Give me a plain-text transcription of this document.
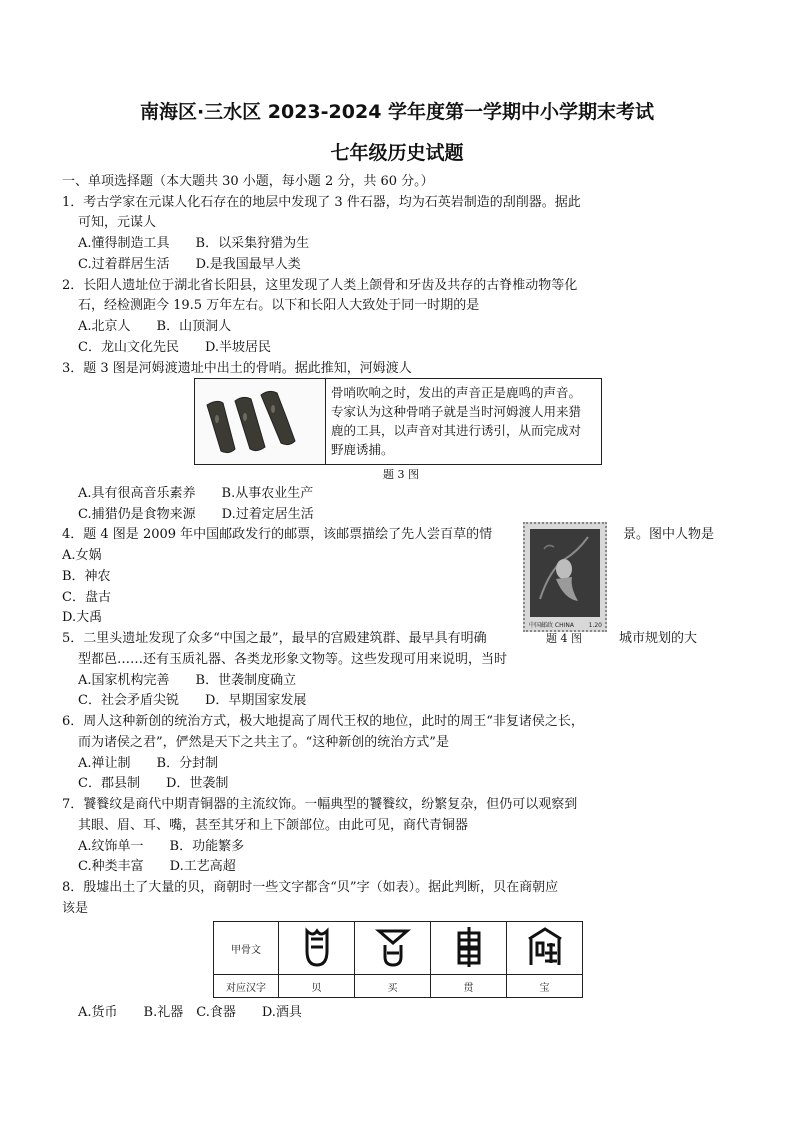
南海区·三水区 2023-2024 学年度第一学期中小学期末考试
七年级历史试题
一、单项选择题（本大题共 30 小题，每小题 2 分，共 60 分。）
1．考古学家在元谋人化石存在的地层中发现了 3 件石器，均为石英岩制造的刮削器。据此
可知，元谋人
A.懂得制造工具　　B．以采集狩猎为生
C.过着群居生活　　D.是我国最早人类
2．长阳人遗址位于湖北省长阳县，这里发现了人类上颌骨和牙齿及共存的古脊椎动物等化
石，经检测距今 19.5 万年左右。以下和长阳人大致处于同一时期的是
A.北京人　　B．山顶洞人
C．龙山文化先民　　D.半坡居民
3．题 3 图是河姆渡遗址中出土的骨哨。据此推知，河姆渡人
骨哨吹响之时，发出的声音正是鹿鸣的声音。专家认为这种骨哨子就是当时河姆渡人用来猎鹿的工具，以声音对其进行诱引，从而完成对野鹿诱捕。
题 3 图
A.具有很高音乐素养　　B.从事农业生产
C.捕猎仍是食物来源　　D.过着定居生活
4．题 4 图是 2009 年中国邮政发行的邮票，该邮票描绘了先人尝百草的情	景。图中人物是
A.女娲
B．神农
C．盘古
D.大禹
中国邮政 CHINA 1.20
题 4 图
5．二里头遗址发现了众多“中国之最”，最早的宫殿建筑群、最早具有明确	城市规划的大
型都邑……还有玉质礼器、各类龙形象文物等。这些发现可用来说明，当时
A.国家机构完善　　B．世袭制度确立
C．社会矛盾尖锐　　D．早期国家发展
6．周人这种新创的统治方式，极大地提高了周代王权的地位，此时的周王“非复诸侯之长，
而为诸侯之君”，俨然是天下之共主了。“这种新创的统治方式”是
A.禅让制　　B．分封制
C．郡县制　　D．世袭制
7．饕餮纹是商代中期青铜器的主流纹饰。一幅典型的饕餮纹，纷繁复杂，但仍可以观察到
其眼、眉、耳、嘴，甚至其牙和上下颌部位。由此可见，商代青铜器
A.纹饰单一　　B．功能繁多
C.种类丰富　　D.工艺高超
8．殷墟出土了大量的贝，商朝时一些文字都含“贝”字（如表）。据此判断，贝在商朝应
该是
甲骨文				
对应汉字	贝	买	贯	宝
A.货币　　B.礼器　C.食器　　D.酒具
